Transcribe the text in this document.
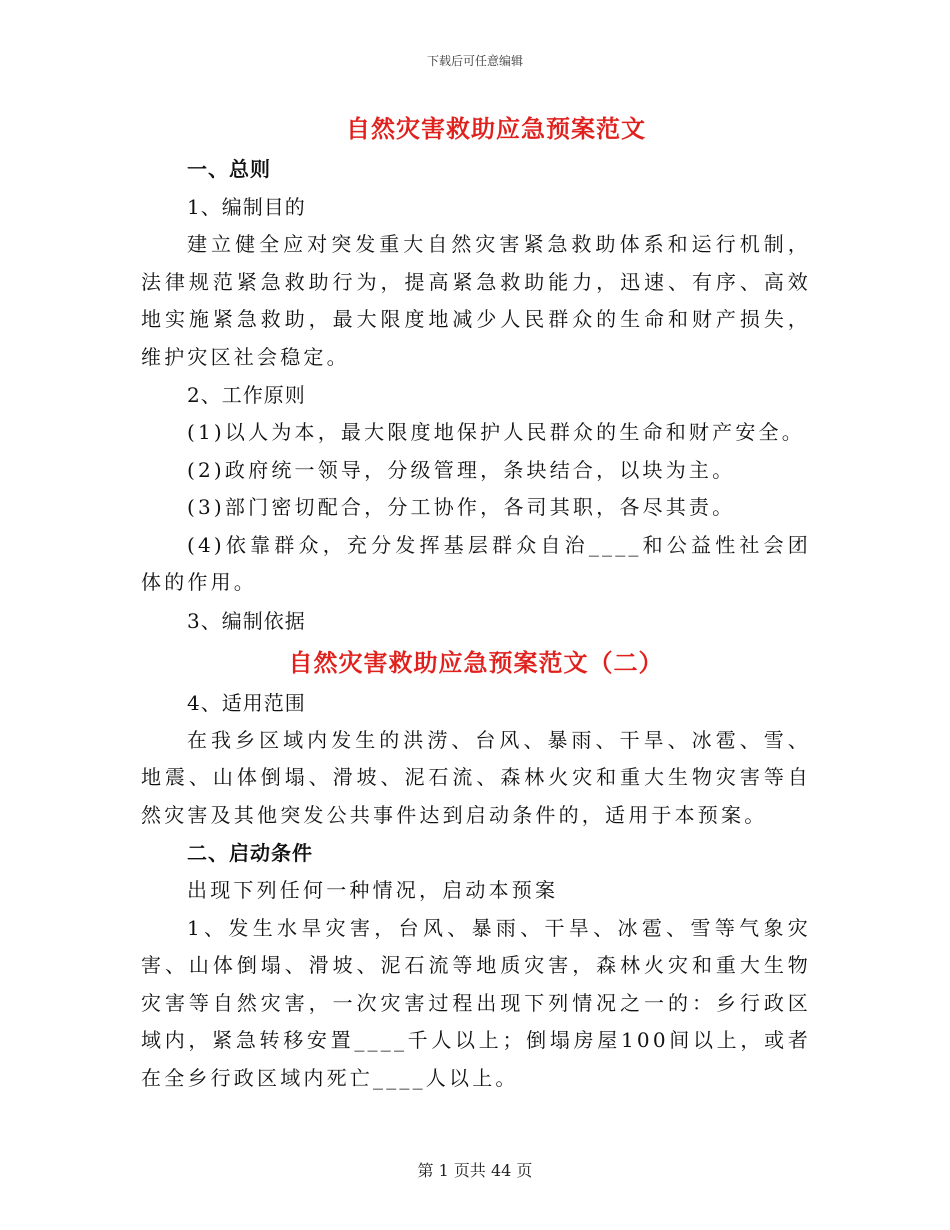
下载后可任意编辑

自然灾害救助应急预案范文

一、总则

1、编制目的

建立健全应对突发重大自然灾害紧急救助体系和运行机制，法律规范紧急救助行为，提高紧急救助能力，迅速、有序、高效地实施紧急救助，最大限度地减少人民群众的生命和财产损失，维护灾区社会稳定。

2、工作原则

(1)以人为本，最大限度地保护人民群众的生命和财产安全。

(2)政府统一领导，分级管理，条块结合，以块为主。

(3)部门密切配合，分工协作，各司其职，各尽其责。

(4)依靠群众，充分发挥基层群众自治____和公益性社会团体的作用。

3、编制依据

自然灾害救助应急预案范文（二）

4、适用范围

在我乡区域内发生的洪涝、台风、暴雨、干旱、冰雹、雪、地震、山体倒塌、滑坡、泥石流、森林火灾和重大生物灾害等自然灾害及其他突发公共事件达到启动条件的，适用于本预案。

二、启动条件

出现下列任何一种情况，启动本预案

1、发生水旱灾害，台风、暴雨、干旱、冰雹、雪等气象灾害、山体倒塌、滑坡、泥石流等地质灾害，森林火灾和重大生物灾害等自然灾害，一次灾害过程出现下列情况之一的：乡行政区域内，紧急转移安置____千人以上；倒塌房屋100间以上，或者在全乡行政区域内死亡____人以上。

第 1 页共 44 页
